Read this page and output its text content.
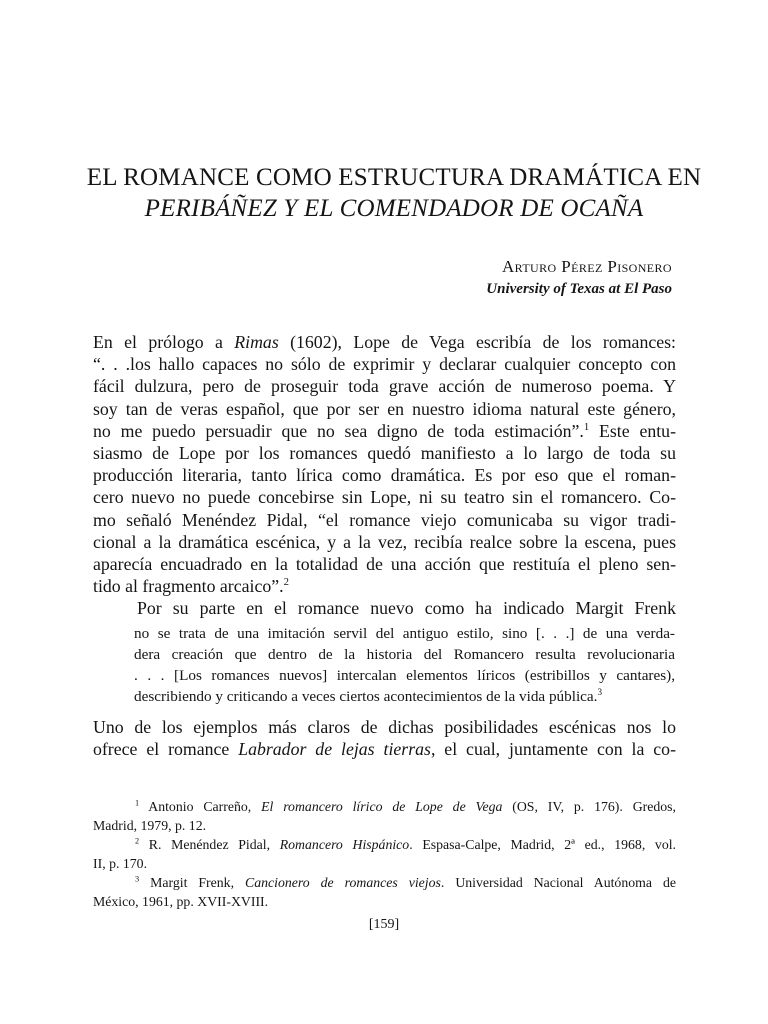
EL ROMANCE COMO ESTRUCTURA DRAMÁTICA EN
PERIBÁÑEZ Y EL COMENDADOR DE OCAÑA
Arturo Pérez Pisonero
University of Texas at El Paso
En el prólogo a Rimas (1602), Lope de Vega escribía de los romances:
“. . .los hallo capaces no sólo de exprimir y declarar cualquier concepto con
fácil dulzura, pero de proseguir toda grave acción de numeroso poema. Y
soy tan de veras español, que por ser en nuestro idioma natural este género,
no me puedo persuadir que no sea digno de toda estimación”.$^1$ Este entu-
siasmo de Lope por los romances quedó manifiesto a lo largo de toda su
producción literaria, tanto lírica como dramática. Es por eso que el roman-
cero nuevo no puede concebirse sin Lope, ni su teatro sin el romancero. Co-
mo señaló Menéndez Pidal, “el romance viejo comunicaba su vigor tradi-
cional a la dramática escénica, y a la vez, recibía realce sobre la escena, pues
aparecía encuadrado en la totalidad de una acción que restituía el pleno sen-
tido al fragmento arcaico”.$^2$
Por su parte en el romance nuevo como ha indicado Margit Frenk
no se trata de una imitación servil del antiguo estilo, sino [. . .] de una verda-
dera creación que dentro de la historia del Romancero resulta revolucionaria
. . . [Los romances nuevos] intercalan elementos líricos (estribillos y cantares),
describiendo y criticando a veces ciertos acontecimientos de la vida pública.$^3$
Uno de los ejemplos más claros de dichas posibilidades escénicas nos lo
ofrece el romance Labrador de lejas tierras, el cual, juntamente con la co-
$^1$ Antonio Carreño, El romancero lírico de Lope de Vega (OS, IV, p. 176). Gredos,
Madrid, 1979, p. 12.
$^2$ R. Menéndez Pidal, Romancero Hispánico. Espasa-Calpe, Madrid, 2ª ed., 1968, vol.
II, p. 170.
$^3$ Margit Frenk, Cancionero de romances viejos. Universidad Nacional Autónoma de
México, 1961, pp. XVII-XVIII.
[159]
